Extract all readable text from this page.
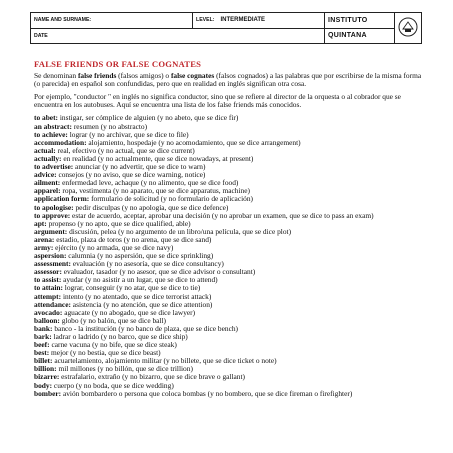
NAME AND SURNAME:	LEVEL: INTERMEDIATE	INSTITUTO	
DATE		QUINTANA	
FALSE FRIENDS OR FALSE COGNATES

Se denominan false friends (falsos amigos) o false cognates (falsos cognados) a las palabras que por escribirse de la misma forma (o parecida) en español son confundidas, pero que en realidad en inglés significan otra cosa.

Por ejemplo, "conductor " en inglés no significa conductor, sino que se refiere al director de la orquesta o al cobrador que se encuentra en los autobuses. Aquí se encuentra una lista de los false friends más conocidos.

to abet: instigar, ser cómplice de alguien (y no abeto, que se dice fir)
an abstract: resumen (y no abstracto)
to achieve: lograr (y no archivar, que se dice to file)
accommodation: alojamiento, hospedaje (y no acomodamiento, que se dice arrangement)
actual: real, efectivo (y no actual, que se dice current)
actually: en realidad (y no actualmente, que se dice nowadays, at present)
to advertise: anunciar (y no advertir, que se dice to warn)
advice: consejos (y no aviso, que se dice warning, notice)
ailment: enfermedad leve, achaque (y no alimento, que se dice food)
apparel: ropa, vestimenta (y no aparato, que se dice apparatus, machine)
application form: formulario de solicitud (y no formulario de aplicación)
to apologise: pedir disculpas (y no apología, que se dice defence)
to approve: estar de acuerdo, aceptar, aprobar una decisión (y no aprobar un examen, que se dice to pass an exam)
apt: propenso (y no apto, que se dice qualified, able)
argument: discusión, pelea (y no argumento de un libro/una película, que se dice plot)
arena: estadio, plaza de toros (y no arena, que se dice sand)
army: ejército (y no armada, que se dice navy)
aspersion: calumnia (y no aspersión, que se dice sprinkling)
assessment: evaluación (y no asesoría, que se dice consultancy)
assessor: evaluador, tasador (y no asesor, que se dice advisor o consultant)
to assist: ayudar (y no asistir a un lugar, que se dice to attend)
to attain: lograr, conseguir (y no atar, que se dice to tie)
attempt: intento (y no atentado, que se dice terrorist attack)
attendance: asistencia (y no atención, que se dice attention)
avocado: aguacate (y no abogado, que se dice lawyer)
balloon: globo (y no balón, que se dice ball)
bank: banco - la institución (y no banco de plaza, que se dice bench)
bark: ladrar o ladrido (y no barco, que se dice ship)
beef: carne vacuna (y no bife, que se dice steak)
best: mejor (y no bestia, que se dice beast)
billet: acuartelamiento, alojamiento militar (y no billete, que se dice ticket o note)
billion: mil millones (y no billón, que se dice trillion)
bizarre: estrafalario, extraño (y no bizarro, que se dice brave o gallant)
body: cuerpo (y no boda, que se dice wedding)
bomber: avión bombardero o persona que coloca bombas (y no bombero, que se dice fireman o firefighter)
